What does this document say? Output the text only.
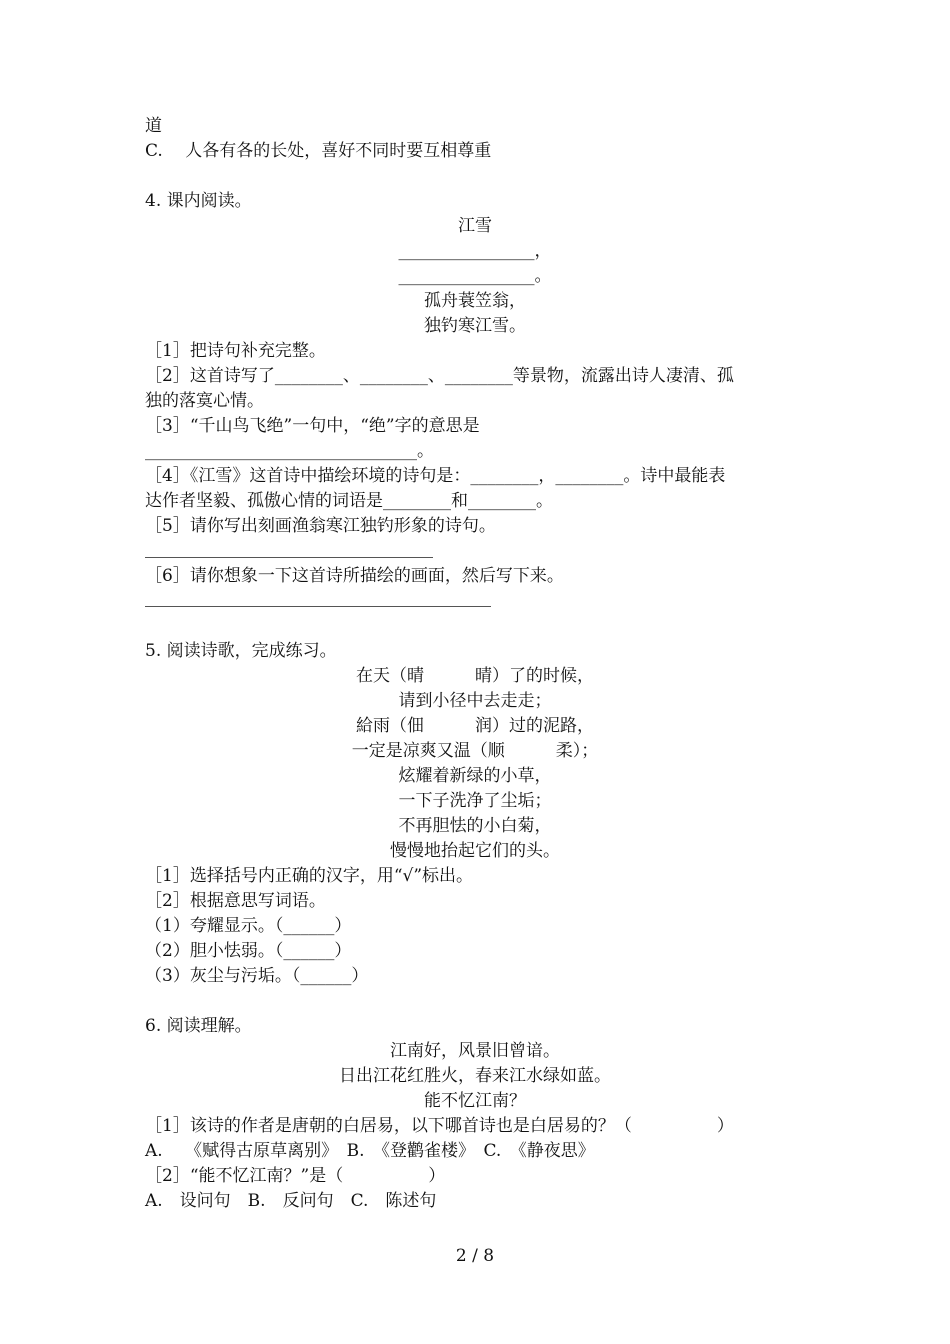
道
C.　 人各有各的长处，喜好不同时要互相尊重
4. 课内阅读。
江雪
________________，
________________。
孤舟蓑笠翁，
独钓寒江雪。
［1］把诗句补充完整。
［2］这首诗写了________、________、________等景物，流露出诗人凄清、孤
独的落寞心情。
［3］“千山鸟飞绝”一句中，“绝”字的意思是
________________________________。
［4］《江雪》这首诗中描绘环境的诗句是：________，________。诗中最能表
达作者坚毅、孤傲心情的词语是________和________。
［5］请你写出刻画渔翁寒江独钓形象的诗句。
［6］请你想象一下这首诗所描绘的画面，然后写下来。
5. 阅读诗歌，完成练习。
在天（晴　　　晴）了的时候，
请到小径中去走走；
給雨（佃　　　润）过的泥路，
一定是凉爽又温（顺　　　柔）；
炫耀着新绿的小草，
一下子洗净了尘垢；
不再胆怯的小白菊，
慢慢地抬起它们的头。
［1］选择括号内正确的汉字，用“√”标出。
［2］根据意思写词语。
（1）夸耀显示。（______）
（2）胆小怯弱。（______）
（3）灰尘与污垢。（______）
6. 阅读理解。
江南好，风景旧曾谙。
日出江花红胜火，春来江水绿如蓝。
能不忆江南？
［1］该诗的作者是唐朝的白居易，以下哪首诗也是白居易的？（　　　　　）
A.　 《赋得古原草离别》　B.　《登鹳雀楼》　C.　《静夜思》
［2］“能不忆江南？”是（　　　　　）
A.　设问句　B.　反问句　C.　陈述句
2 / 8
